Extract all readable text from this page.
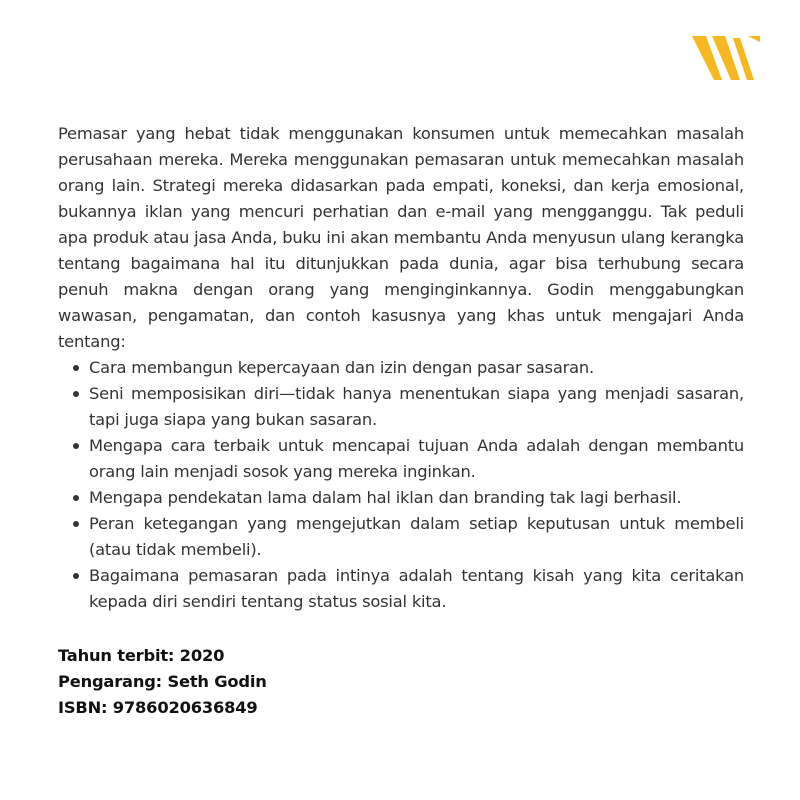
Pemasar yang hebat tidak menggunakan konsumen untuk memecahkan masalah perusahaan mereka. Mereka menggunakan pemasaran untuk memecahkan masalah orang lain. Strategi mereka didasarkan pada empati, koneksi, dan kerja emosional, bukannya iklan yang mencuri perhatian dan e-mail yang mengganggu. Tak peduli apa produk atau jasa Anda, buku ini akan membantu Anda menyusun ulang kerangka tentang bagaimana hal itu ditunjukkan pada dunia, agar bisa terhubung secara penuh makna dengan orang yang menginginkannya. Godin menggabungkan wawasan, pengamatan, dan contoh kasusnya yang khas untuk mengajari Anda tentang:

Cara membangun kepercayaan dan izin dengan pasar sasaran.
Seni memposisikan diri—tidak hanya menentukan siapa yang menjadi sasaran, tapi juga siapa yang bukan sasaran.
Mengapa cara terbaik untuk mencapai tujuan Anda adalah dengan membantu orang lain menjadi sosok yang mereka inginkan.
Mengapa pendekatan lama dalam hal iklan dan branding tak lagi berhasil.
Peran ketegangan yang mengejutkan dalam setiap keputusan untuk membeli (atau tidak membeli).
Bagaimana pemasaran pada intinya adalah tentang kisah yang kita ceritakan kepada diri sendiri tentang status sosial kita.
Tahun terbit: 2020
Pengarang: Seth Godin
ISBN: 9786020636849
